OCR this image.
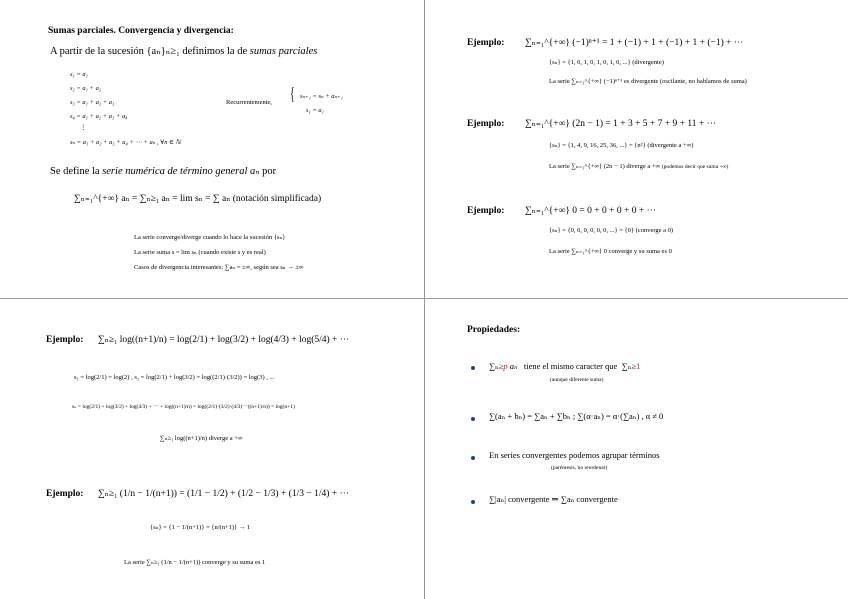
Sumas parciales. Convergencia y divergencia:
A partir de la sucesión {aₙ}ₙ≥₁ definimos la de sumas parciales
s₁ = a₁
s₂ = a₁ + a₂
s₃ = a₁ + a₂ + a₃
s₄ = a₁ + a₂ + a₃ + a₄
⋮
sₙ = a₁ + a₂ + a₃ + a₄ + ⋯ + aₙ , ∀n ∈ ℕ
Recurrentemente, { sₙ₊₁ = sₙ + aₙ₊₁
s₁ = a₁
Se define la serie numérica de término general aₙ por
∑ₙ₌₁^{+∞} aₙ = ∑ₙ≥₁ aₙ = lim sₙ = ∑ aₙ (notación simplificada)
La serie converge/diverge cuando lo hace la sucesión {sₙ}
La serie suma s = lim sₙ (cuando existe s y es real)
Casos de divergencia interesantes: ∑aₙ = ±∞, según sea sₙ → ±∞
Ejemplo: ∑ₙ₌₁^{+∞} (−1)ⁿ⁺¹ = 1 + (−1) + 1 + (−1) + 1 + (−1) + ⋯
{sₙ} = {1, 0, 1, 0, 1, 0, 1, 0, ...} (divergente)
La serie ∑ₙ₌₁^{+∞} (−1)ⁿ⁺¹ es divergente (oscilante, no hablamos de suma)
Ejemplo: ∑ₙ₌₁^{+∞} (2n − 1) = 1 + 3 + 5 + 7 + 9 + 11 + ⋯
{sₙ} = {1, 4, 9, 16, 25, 36, ...} = {n²} (divergente a +∞)
La serie ∑ₙ₌₁^{+∞} (2n − 1) diverge a +∞ (podemos decir que suma +∞)
Ejemplo: ∑ₙ₌₁^{+∞} 0 = 0 + 0 + 0 + 0 + ⋯
{sₙ} = {0, 0, 0, 0, 0, 0, ...} = {0} (converge a 0)
La serie ∑ₙ₌₁^{+∞} 0 converge y su suma es 0
Ejemplo: ∑ₙ≥₁ log((n+1)/n) = log(2/1) + log(3/2) + log(4/3) + log(5/4) + ⋯
s₁ = log(2/1) = log(2) , s₂ = log(2/1) + log(3/2) = log((2/1)·(3/2)) = log(3) , ...
sₙ = log(2/1) + log(3/2) + log(4/3) + ⋯ + log((n+1)/n) = log((2/1)·(3/2)·(4/3)⋯((n+1)/n)) = log(n+1)
∑ₙ≥₁ log((n+1)/n) diverge a +∞
Ejemplo: ∑ₙ≥₁ (1/n − 1/(n+1)) = (1/1 − 1/2) + (1/2 − 1/3) + (1/3 − 1/4) + ⋯
{sₙ} = {1 − 1/(n+1)} = {n/(n+1)} → 1
La serie ∑ₙ≥₁ (1/n − 1/(n+1)) converge y su suma es 1
Propiedades:
∑ₙ≥p aₙ tiene el mismo caracter que ∑ₙ≥1
(aunque diferente suma)
∑(aₙ + bₙ) = ∑aₙ + ∑bₙ ; ∑(α·aₙ) = α·(∑aₙ) , α ≠ 0
En series convergentes podemos agrupar términos
(paréntesis, no reordenar)
∑|aₙ| convergente ⇒ ∑aₙ convergente
